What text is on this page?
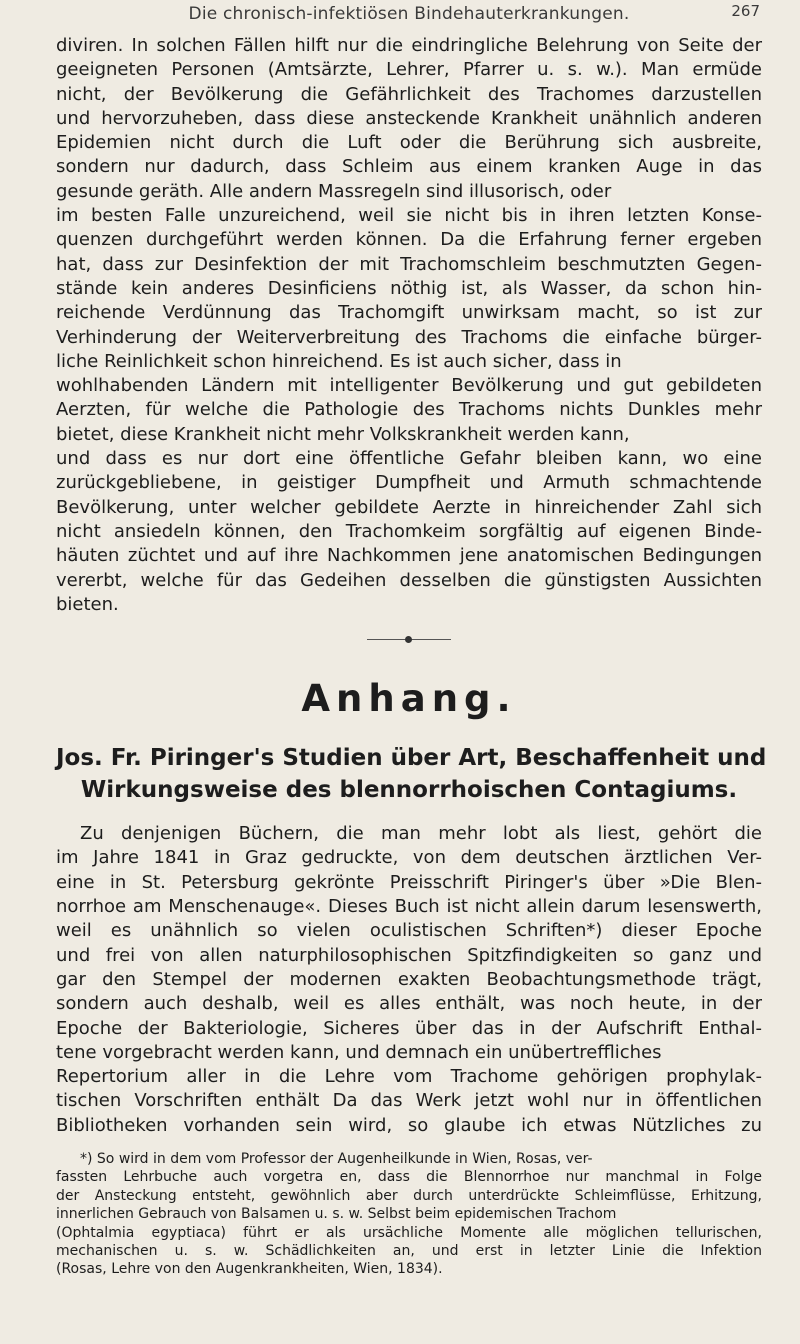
Die chronisch-infektiösen Bindehauterkrankungen.	267

diviren. In solchen Fällen hilft nur die eindringliche Belehrung von Seite der
geeigneten Personen (Amtsärzte, Lehrer, Pfarrer u. s. w.). Man ermüde
nicht, der Bevölkerung die Gefährlichkeit des Trachomes darzustellen
und hervorzuheben, dass diese ansteckende Krankheit unähnlich anderen
Epidemien nicht durch die Luft oder die Berührung sich ausbreite,
sondern nur dadurch, dass Schleim aus einem kranken Auge in das
gesunde geräth. Alle andern Massregeln sind illusorisch, oder
im besten Falle unzureichend, weil sie nicht bis in ihren letzten Konse-
quenzen durchgeführt werden können. Da die Erfahrung ferner ergeben
hat, dass zur Desinfektion der mit Trachomschleim beschmutzten Gegen-
stände kein anderes Desinficiens nöthig ist, als Wasser, da schon hin-
reichende Verdünnung das Trachomgift unwirksam macht, so ist zur
Verhinderung der Weiterverbreitung des Trachoms die einfache bürger-
liche Reinlichkeit schon hinreichend. Es ist auch sicher, dass in
wohlhabenden Ländern mit intelligenter Bevölkerung und gut gebildeten
Aerzten, für welche die Pathologie des Trachoms nichts Dunkles mehr
bietet, diese Krankheit nicht mehr Volkskrankheit werden kann,
und dass es nur dort eine öffentliche Gefahr bleiben kann, wo eine
zurückgebliebene, in geistiger Dumpfheit und Armuth schmachtende
Bevölkerung, unter welcher gebildete Aerzte in hinreichender Zahl sich
nicht ansiedeln können, den Trachomkeim sorgfältig auf eigenen Binde-
häuten züchtet und auf ihre Nachkommen jene anatomischen Bedingungen
vererbt, welche für das Gedeihen desselben die günstigsten Aussichten
bieten.

Anhang.
Jos. Fr. Piringer's Studien über Art, Beschaffenheit und
Wirkungsweise des blennorrhoischen Contagiums.

Zu denjenigen Büchern, die man mehr lobt als liest, gehört die
im Jahre 1841 in Graz gedruckte, von dem deutschen ärztlichen Ver-
eine in St. Petersburg gekrönte Preisschrift Piringer's über »Die Blen-
norrhoe am Menschenauge«. Dieses Buch ist nicht allein darum lesenswerth,
weil es unähnlich so vielen oculistischen Schriften*) dieser Epoche
und frei von allen naturphilosophischen Spitzfindigkeiten so ganz und
gar den Stempel der modernen exakten Beobachtungsmethode trägt,
sondern auch deshalb, weil es alles enthält, was noch heute, in der
Epoche der Bakteriologie, Sicheres über das in der Aufschrift Enthal-
tene vorgebracht werden kann, und demnach ein unübertreffliches
Repertorium aller in die Lehre vom Trachome gehörigen prophylak-
tischen Vorschriften enthält Da das Werk jetzt wohl nur in öffentlichen
Bibliotheken vorhanden sein wird, so glaube ich etwas Nützliches zu

*) So wird in dem vom Professor der Augenheilkunde in Wien, Rosas, ver-
fassten Lehrbuche auch vorgetra en, dass die Blennorrhoe nur manchmal in Folge
der Ansteckung entsteht, gewöhnlich aber durch unterdrückte Schleimflüsse, Erhitzung,
innerlichen Gebrauch von Balsamen u. s. w. Selbst beim epidemischen Trachom
(Ophtalmia egyptiaca) führt er als ursächliche Momente alle möglichen tellurischen,
mechanischen u. s. w. Schädlichkeiten an, und erst in letzter Linie die Infektion
(Rosas, Lehre von den Augenkrankheiten, Wien, 1834).
